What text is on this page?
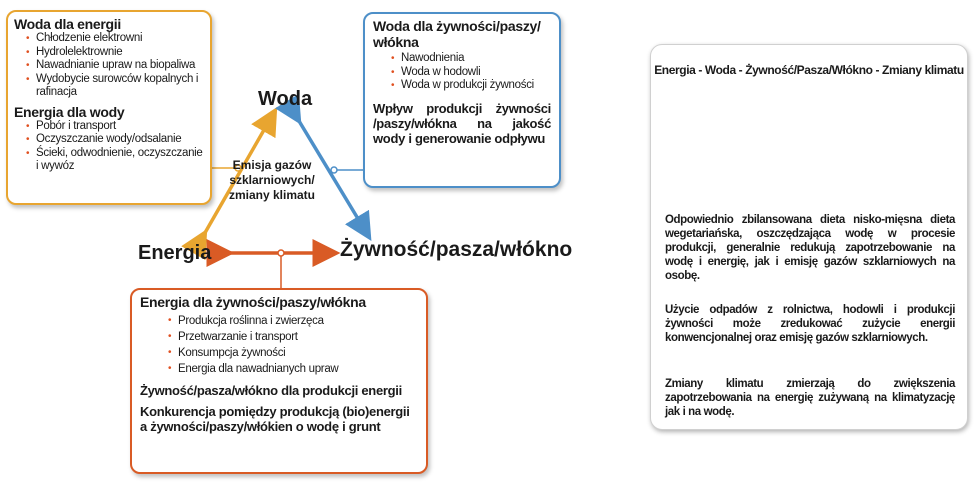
Woda dla energii
• Chłodzenie elektrowni
• Hydrolelektrownie
• Nawadnianie upraw na biopaliwa
• Wydobycie surowców kopalnych i rafinacja
Energia dla wody
• Pobór i transport
• Oczyszczanie wody/odsalanie
• Ścieki, odwodnienie, oczyszczanie i wywóz
Woda dla żywności/paszy/ włókna
• Nawodnienia
• Woda w hodowli
• Woda w produkcji żywności
Wpływ produkcji żywności /paszy/włókna na jakość wody i generowanie odpływu
Energia dla żywności/paszy/włókna
• Produkcja roślinna i zwierzęca
• Przetwarzanie i transport
• Konsumpcja żywności
• Energia dla nawadnianych upraw
Żywność/pasza/włókno dla produkcji energii
Konkurencja pomiędzy produkcją (bio)energii a żywności/paszy/włókien o wodę i grunt
Woda
Energia	Żywność/pasza/włókno
Emisja gazów szklarniowych/ zmiany klimatu
Energia - Woda - Żywność/Pasza/Włókno - Zmiany klimatu
Odpowiednio zbilansowana dieta nisko-mięsna dieta wegetariańska, oszczędzająca wodę w procesie produkcji, generalnie redukują zapotrzebowanie na wodę i energię, jak i emisję gazów szklarniowych na osobę.
Użycie odpadów z rolnictwa, hodowli i produkcji żywności może zredukować zużycie energii konwencjonalnej oraz emisję gazów szklarniowych.
Zmiany klimatu zmierzają do zwiększenia zapotrzebowania na energię zużywaną na klimatyzację jak i na wodę.
